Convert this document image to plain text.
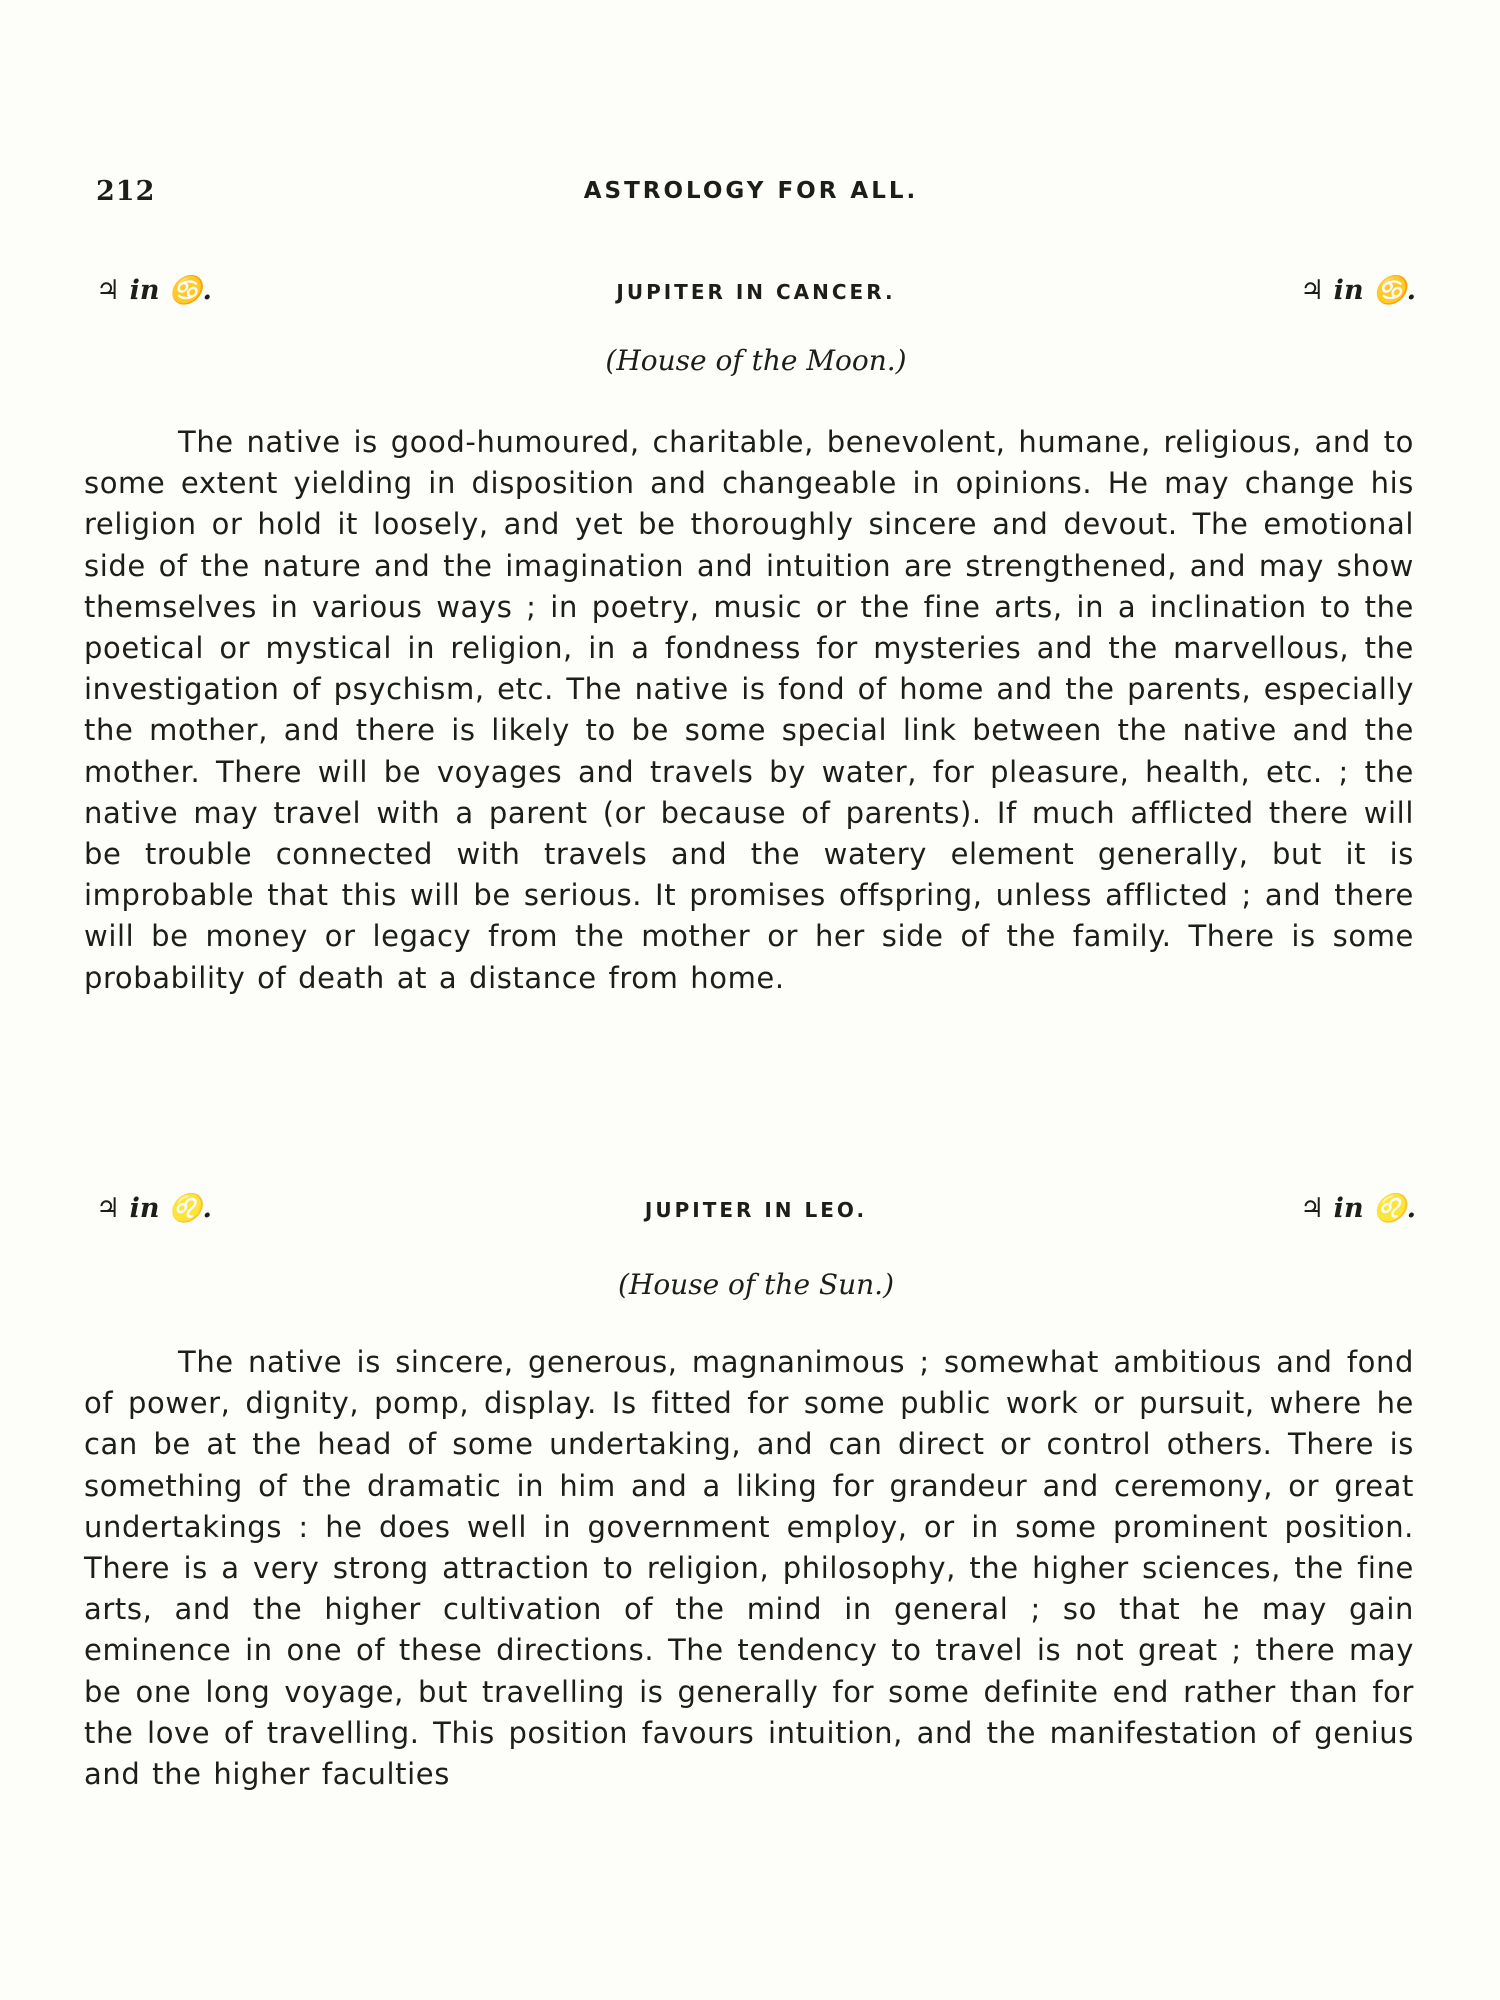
212	ASTROLOGY FOR ALL.
♃ in ♋.	JUPITER IN CANCER.	♃ in ♋.
(House of the Moon.)

The native is good-humoured, charitable, benevolent, humane, religious, and to some extent yielding in disposition and changeable in opinions. He may change his religion or hold it loosely, and yet be thoroughly sincere and devout. The emotional side of the nature and the imagination and intuition are strengthened, and may show themselves in various ways ; in poetry, music or the fine arts, in a inclination to the poetical or mystical in religion, in a fondness for mysteries and the marvellous, the investigation of psychism, etc. The native is fond of home and the parents, especially the mother, and there is likely to be some special link between the native and the mother. There will be voyages and travels by water, for pleasure, health, etc. ; the native may travel with a parent (or because of parents). If much afflicted there will be trouble connected with travels and the watery element generally, but it is improbable that this will be serious. It promises offspring, unless afflicted ; and there will be money or legacy from the mother or her side of the family. There is some probability of death at a distance from home.

♃ in ♌.	JUPITER IN LEO.	♃ in ♌.
(House of the Sun.)

The native is sincere, generous, magnanimous ; somewhat ambitious and fond of power, dignity, pomp, display. Is fitted for some public work or pursuit, where he can be at the head of some undertaking, and can direct or control others. There is something of the dramatic in him and a liking for grandeur and ceremony, or great undertakings : he does well in government employ, or in some prominent position. There is a very strong attraction to religion, philosophy, the higher sciences, the fine arts, and the higher cultivation of the mind in general ; so that he may gain eminence in one of these directions. The tendency to travel is not great ; there may be one long voyage, but travelling is generally for some definite end rather than for the love of travelling. This position favours intuition, and the manifestation of genius and the higher faculties
